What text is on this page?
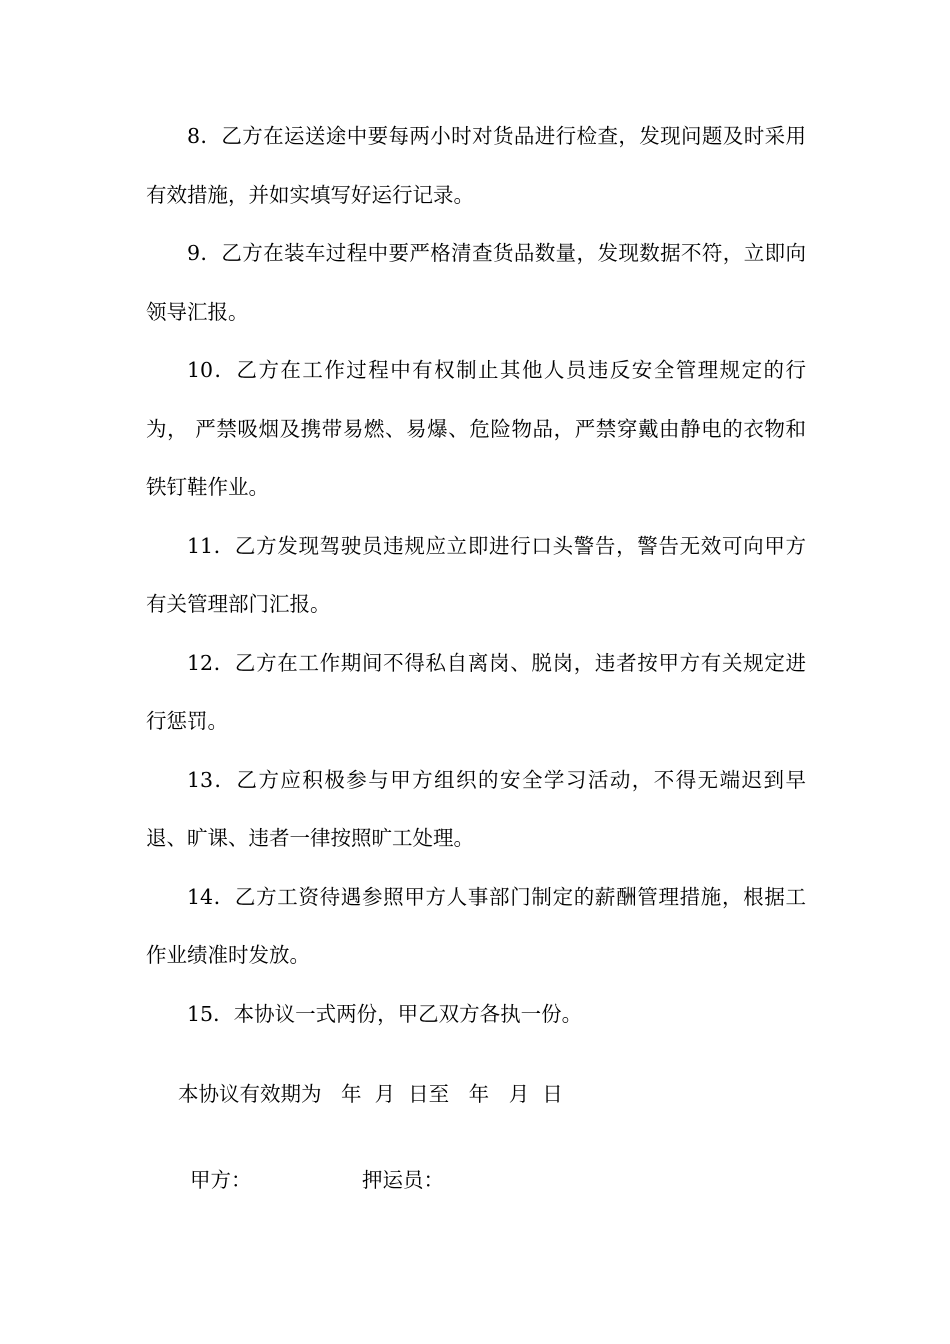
8．乙方在运送途中要每两小时对货品进行检查，发现问题及时采用有效措施，并如实填写好运行记录。

9．乙方在装车过程中要严格清查货品数量，发现数据不符，立即向领导汇报。

10．乙方在工作过程中有权制止其他人员违反安全管理规定的行为， 严禁吸烟及携带易燃、易爆、危险物品，严禁穿戴由静电的衣物和铁钉鞋作业。

11．乙方发现驾驶员违规应立即进行口头警告，警告无效可向甲方有关管理部门汇报。

12．乙方在工作期间不得私自离岗、脱岗，违者按甲方有关规定进行惩罚。

13．乙方应积极参与甲方组织的安全学习活动，不得无端迟到早退、旷课、违者一律按照旷工处理。

14．乙方工资待遇参照甲方人事部门制定的薪酬管理措施，根据工作业绩准时发放。

15．本协议一式两份，甲乙双方各执一份。

本协议有效期为   年  月  日至   年   月  日

甲方：	押运员：
